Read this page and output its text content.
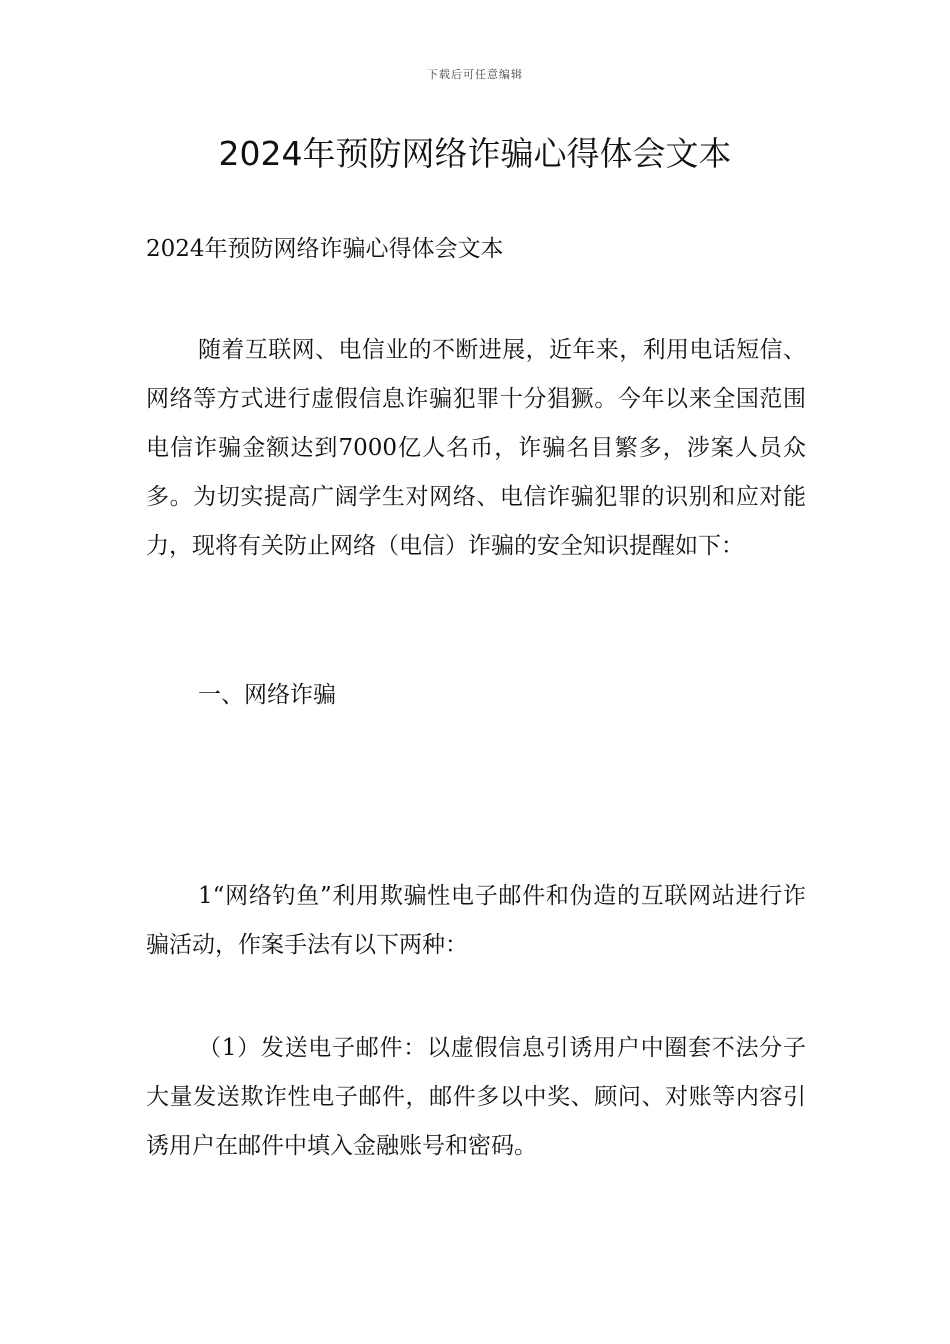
下载后可任意编辑
2024年预防网络诈骗心得体会文本
2024年预防网络诈骗心得体会文本

随着互联网、电信业的不断进展，近年来，利用电话短信、网络等方式进行虚假信息诈骗犯罪十分猖獗。今年以来全国范围电信诈骗金额达到7000亿人名币，诈骗名目繁多，涉案人员众多。为切实提高广阔学生对网络、电信诈骗犯罪的识别和应对能力，现将有关防止网络（电信）诈骗的安全知识提醒如下：

一、网络诈骗

1“网络钓鱼”利用欺骗性电子邮件和伪造的互联网站进行诈骗活动，作案手法有以下两种：

（1）发送电子邮件：以虚假信息引诱用户中圈套不法分子大量发送欺诈性电子邮件，邮件多以中奖、顾问、对账等内容引诱用户在邮件中填入金融账号和密码。
